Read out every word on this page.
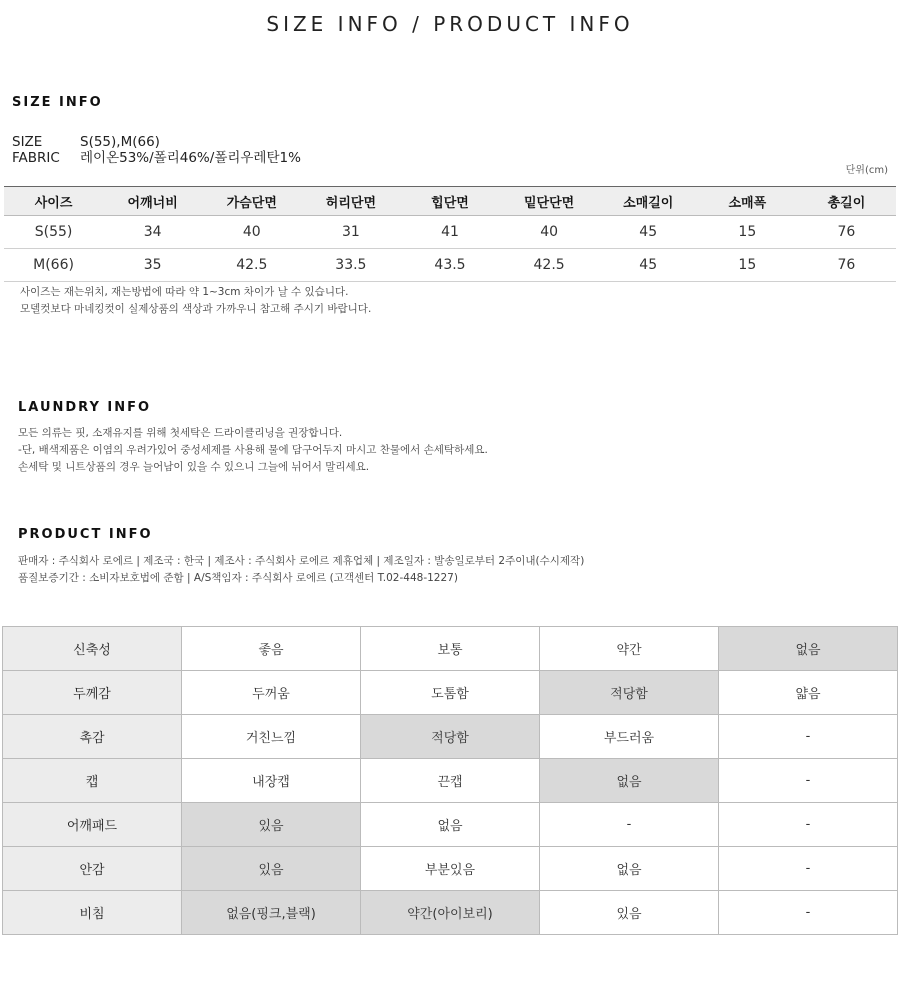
SIZE INFO / PRODUCT INFO
SIZE INFO
SIZE	S(55),M(66)
FABRIC 레이온53%/폴리46%/폴리우레탄1%
단위(cm)
사이즈	어깨너비	가슴단면	허리단면	힙단면	밑단단면	소매길이	소매폭	총길이
S(55)	34	40	31	41	40	45	15	76
M(66)	35	42.5	33.5	43.5	42.5	45	15	76
사이즈는 재는위치, 재는방법에 따라 약 1~3cm 차이가 날 수 있습니다.
모델컷보다 마네킹컷이 실제상품의 색상과 가까우니 참고해 주시기 바랍니다.
LAUNDRY INFO
모든 의류는 핏, 소재유지를 위해 첫세탁은 드라이클리닝을 권장합니다.
-단, 배색제품은 이염의 우려가있어 중성세제를 사용해 물에 담구어두지 마시고 찬물에서 손세탁하세요.
손세탁 및 니트상품의 경우 늘어남이 있을 수 있으니 그늘에 뉘어서 말리세요.
PRODUCT INFO
판매자 : 주식회사 로에르 | 제조국 : 한국 | 제조사 : 주식회사 로에르 제휴업체 | 제조일자 : 발송일로부터 2주이내(수시제작)
품질보증기간 : 소비자보호법에 준함 | A/S책임자 : 주식회사 로에르 (고객센터 T.02-448-1227)
신축성	좋음	보통	약간	없음
두께감	두꺼움	도톰함	적당함	얇음
촉감	거친느낌	적당함	부드러움	-
캡	내장캡	끈캡	없음	-
어깨패드	있음	없음	-	-
안감	있음	부분있음	없음	-
비침	없음(핑크,블랙)	약간(아이보리)	있음	-
